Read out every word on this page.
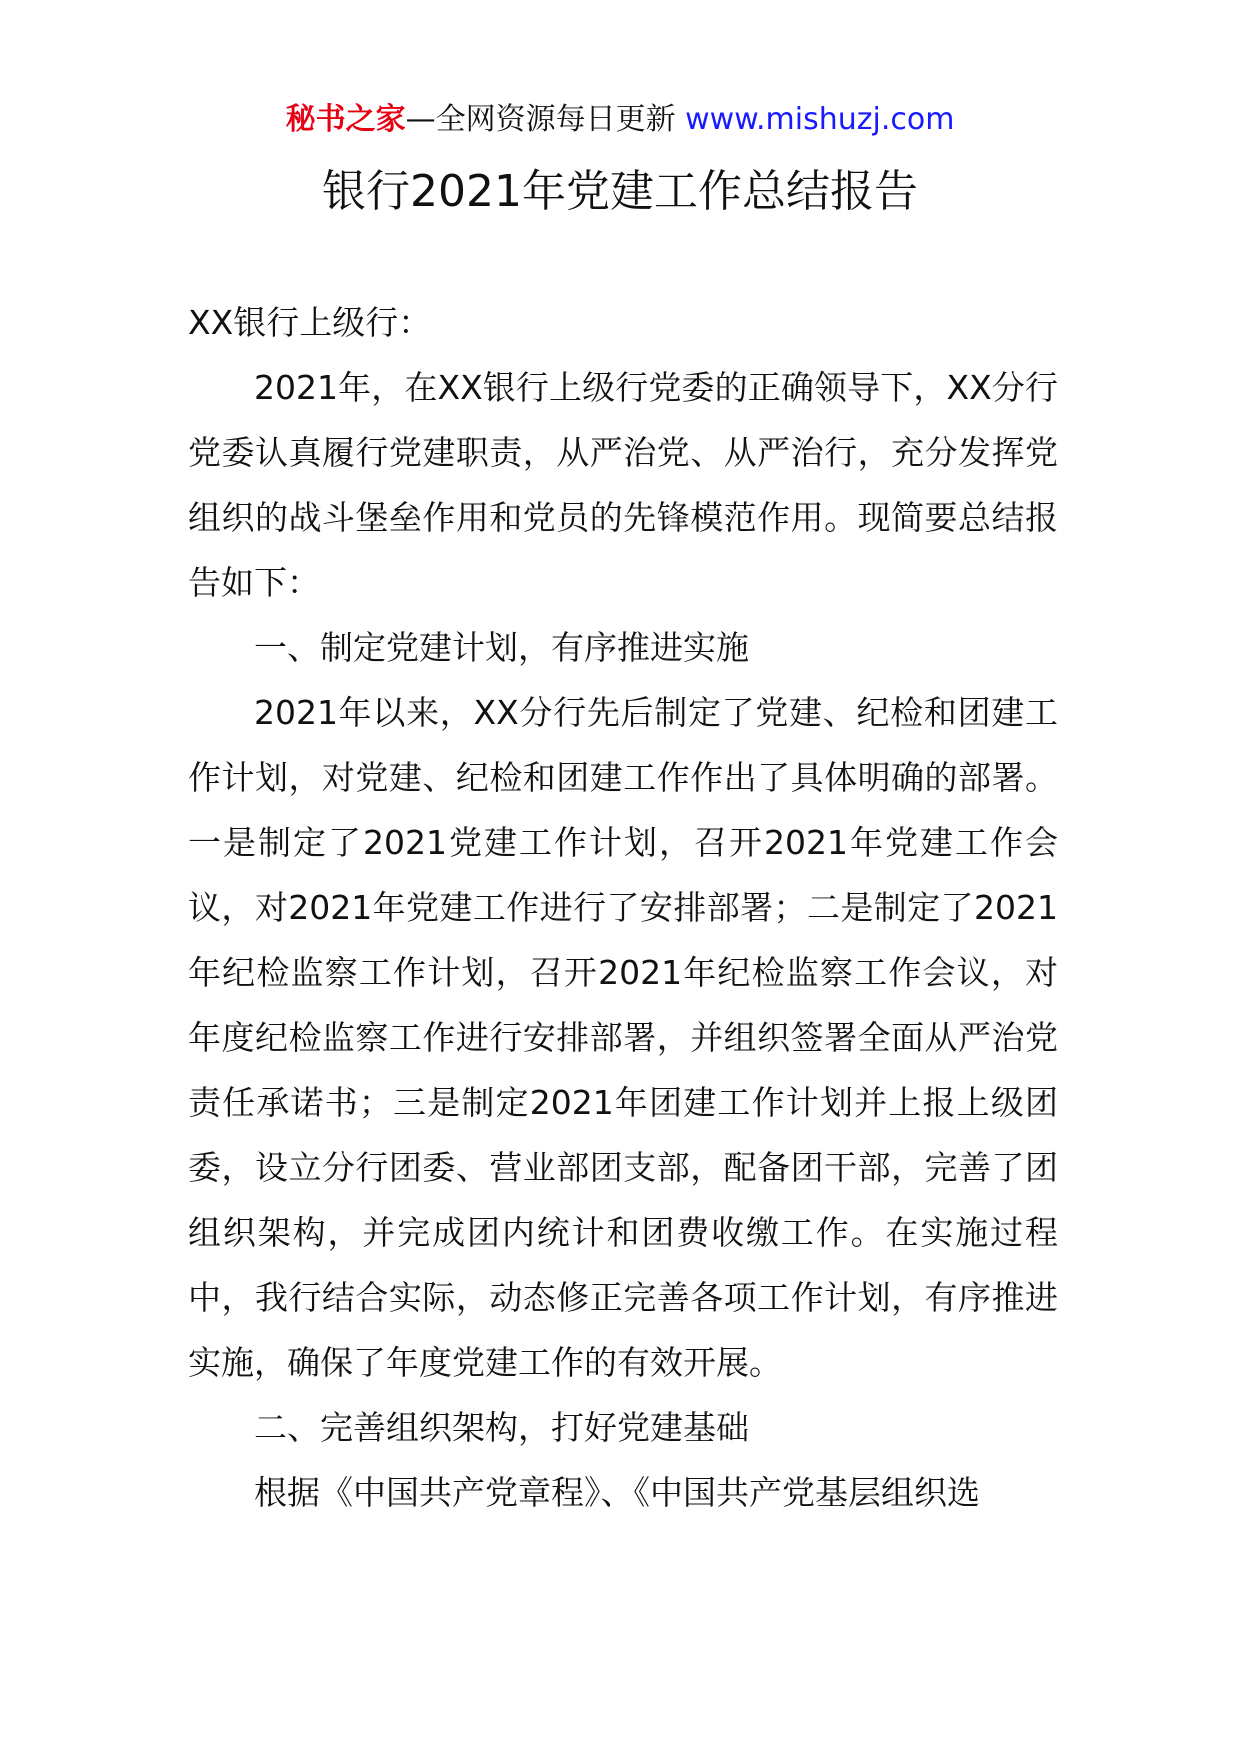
秘书之家—全网资源每日更新 www.mishuzj.com
银行2021年党建工作总结报告

XX银行上级行：

2021年，在XX银行上级行党委的正确领导下，XX分行党委认真履行党建职责，从严治党、从严治行，充分发挥党组织的战斗堡垒作用和党员的先锋模范作用。现简要总结报告如下：

一、制定党建计划，有序推进实施

2021年以来，XX分行先后制定了党建、纪检和团建工作计划，对党建、纪检和团建工作作出了具体明确的部署。一是制定了2021党建工作计划，召开2021年党建工作会议，对2021年党建工作进行了安排部署；二是制定了2021年纪检监察工作计划，召开2021年纪检监察工作会议，对年度纪检监察工作进行安排部署，并组织签署全面从严治党责任承诺书；三是制定2021年团建工作计划并上报上级团委，设立分行团委、营业部团支部，配备团干部，完善了团组织架构，并完成团内统计和团费收缴工作。在实施过程中，我行结合实际，动态修正完善各项工作计划，有序推进实施，确保了年度党建工作的有效开展。

二、完善组织架构，打好党建基础

根据《中国共产党章程》、《中国共产党基层组织选
